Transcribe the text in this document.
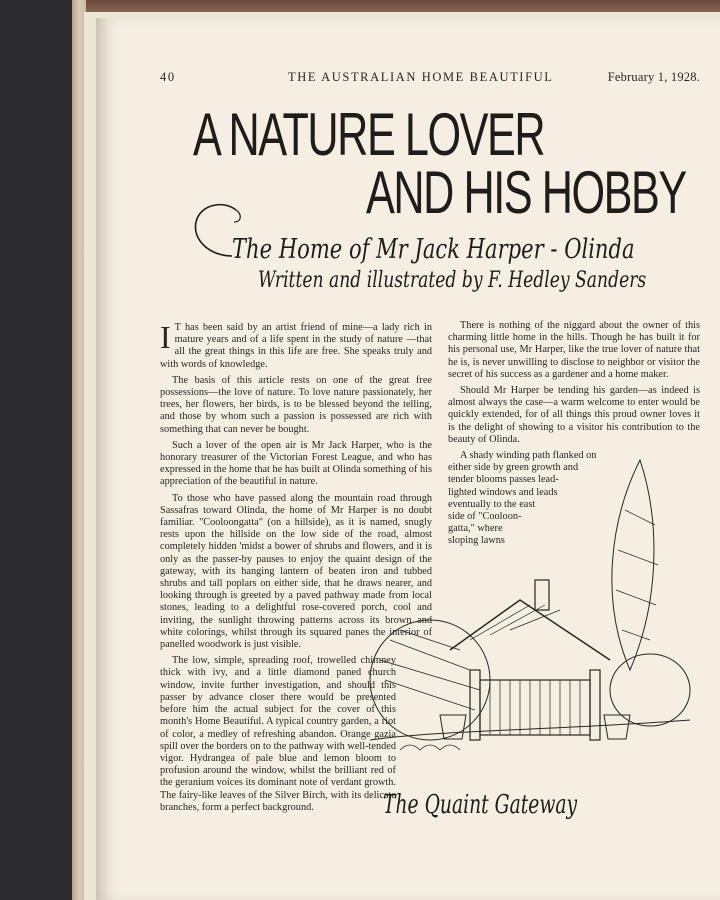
40	THE AUSTRALIAN HOME BEAUTIFUL	February 1, 1928.
A NATURE LOVER
AND HIS HOBBY
The Home of Mr Jack Harper - Olinda
Written and illustrated by F. Hedley Sanders

I T has been said by an artist friend of mine—a lady rich in mature years and of a life spent in the study of nature —that all the great things in this life are free. She speaks truly and with words of knowledge.

The basis of this article rests on one of the great free possessions—the love of nature. To love nature passionately, her trees, her flowers, her birds, is to be blessed beyond the telling, and those by whom such a passion is possessed are rich with something that can never be bought.

Such a lover of the open air is Mr Jack Harper, who is the honorary treasurer of the Victorian Forest League, and who has expressed in the home that he has built at Olinda something of his appreciation of the beautiful in nature.

To those who have passed along the mountain road through Sassafras toward Olinda, the home of Mr Harper is no doubt familiar. "Cooloongatta" (on a hillside), as it is named, snugly rests upon the hillside on the low side of the road, almost completely hidden 'midst a bower of shrubs and flowers, and it is only as the passer-by pauses to enjoy the quaint design of the gateway, with its hanging lantern of beaten iron and tubbed shrubs and tall poplars on either side, that he draws nearer, and looking through is greeted by a paved pathway made from local stones, leading to a delightful rose-covered porch, cool and inviting, the sunlight throwing patterns across its brown and white colorings, whilst through its squared panes the interior of panelled woodwork is just visible.

The low, simple, spreading roof, trowelled chimney thick with ivy, and a little diamond paned church window, invite further investigation, and should this passer by advance closer there would be presented before him the actual subject for the cover of this month's Home Beautiful. A typical country garden, a riot of color, a medley of refreshing abandon. Orange gazia spill over the borders on to the pathway with well-tended vigor. Hydrangea of pale blue and lemon bloom to profusion around the window, whilst the brilliant red of the geranium voices its dominant note of verdant growth. The fairy-like leaves of the Silver Birch, with its delicate branches, form a perfect background.

There is nothing of the niggard about the owner of this charming little home in the hills. Though he has built it for his personal use, Mr Harper, like the true lover of nature that he is, is never unwilling to disclose to neighbor or visitor the secret of his success as a gardener and a home maker.

Should Mr Harper be tending his garden—as indeed is almost always the case—a warm welcome to enter would be quickly extended, for of all things this proud owner loves it is the delight of showing to a visitor his contribution to the beauty of Olinda.

A shady winding path flanked on
either side by green growth and
tender blooms passes lead-
lighted windows and leads
eventually to the east
side of "Cooloon-
gatta," where
sloping lawns
The Quaint Gateway
